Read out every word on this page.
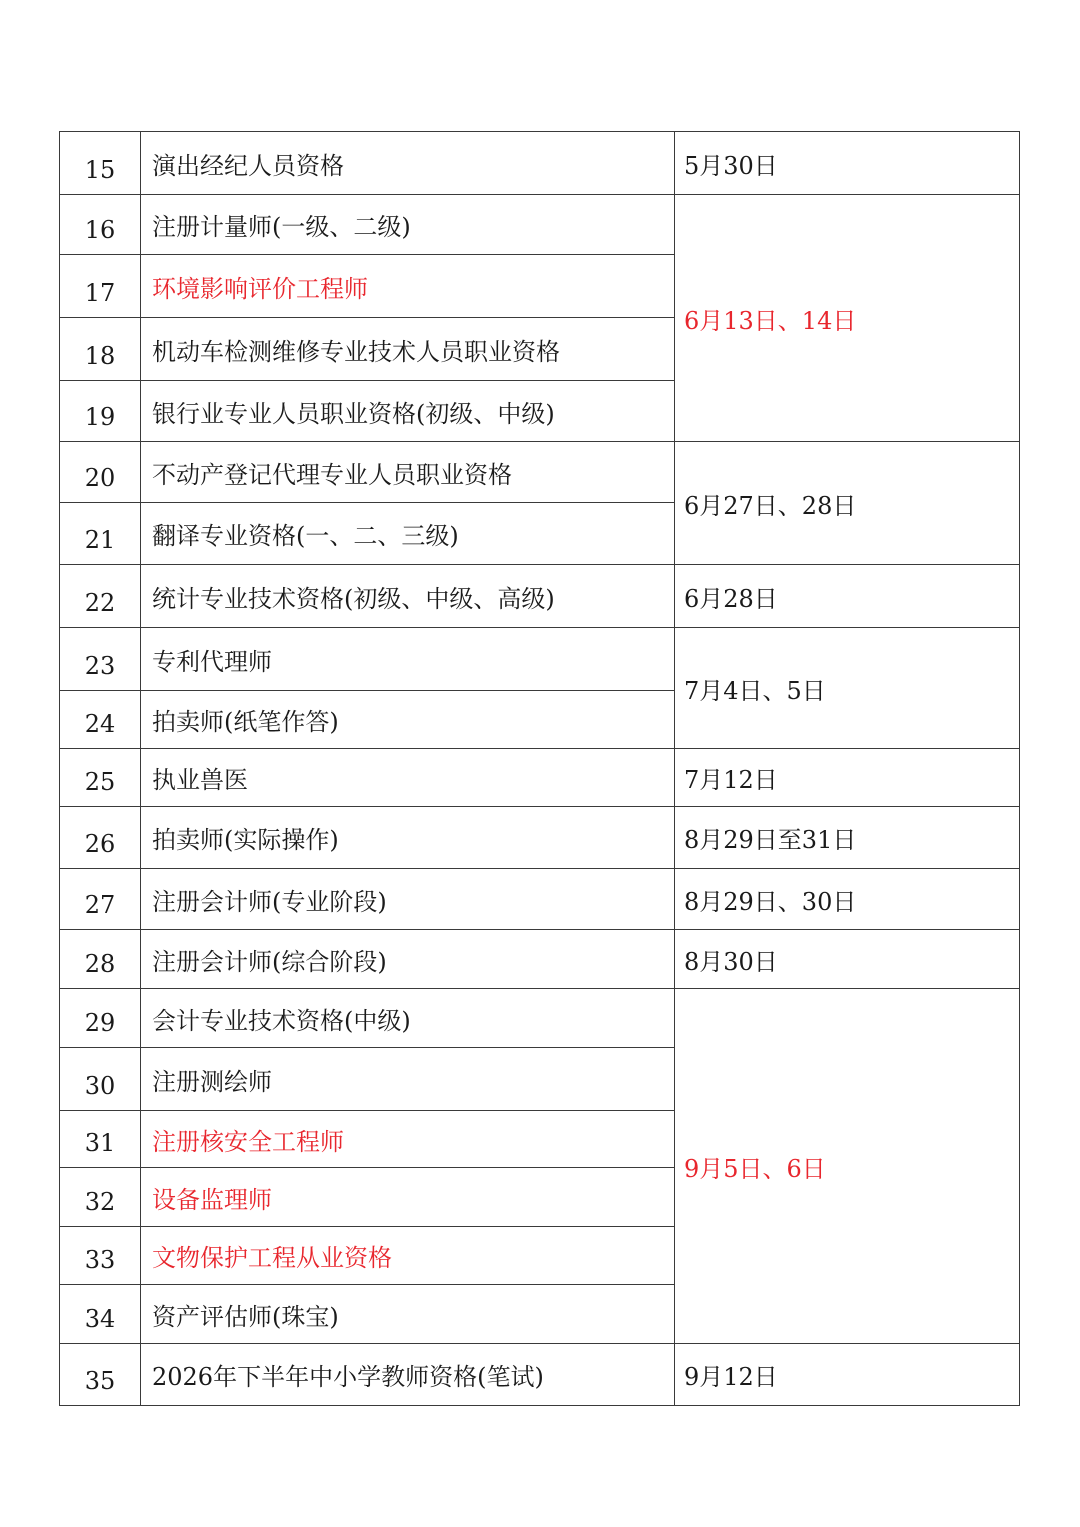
15	演出经纪人员资格	5月30日
16	注册计量师(一级、二级)	6月13日、14日
17	环境影响评价工程师	
18	机动车检测维修专业技术人员职业资格	
19	银行业专业人员职业资格(初级、中级)	
20	不动产登记代理专业人员职业资格	6月27日、28日
21	翻译专业资格(一、二、三级)	
22	统计专业技术资格(初级、中级、高级)	6月28日
23	专利代理师	7月4日、5日
24	拍卖师(纸笔作答)	
25	执业兽医	7月12日
26	拍卖师(实际操作)	8月29日至31日
27	注册会计师(专业阶段)	8月29日、30日
28	注册会计师(综合阶段)	8月30日
29	会计专业技术资格(中级)	9月5日、6日
30	注册测绘师	
31	注册核安全工程师	
32	设备监理师	
33	文物保护工程从业资格	
34	资产评估师(珠宝)	
35	2026年下半年中小学教师资格(笔试)	9月12日
